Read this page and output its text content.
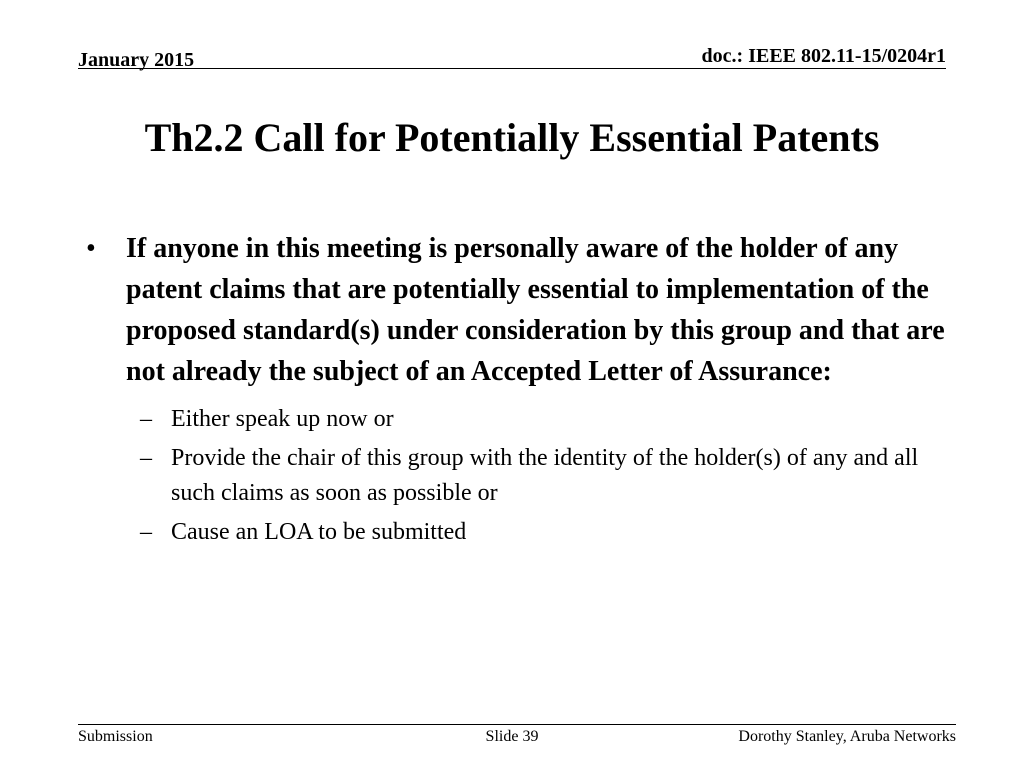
January 2015	doc.: IEEE 802.11-15/0204r1
Th2.2 Call for Potentially Essential Patents
• If anyone in this meeting is personally aware of the holder of any patent claims that are potentially essential to implementation of the proposed standard(s) under consideration by this group and that are not already the subject of an Accepted Letter of Assurance:
– Either speak up now or
– Provide the chair of this group with the identity of the holder(s) of any and all such claims as soon as possible or
– Cause an LOA to be submitted
Submission	Slide 39	Dorothy Stanley, Aruba Networks
